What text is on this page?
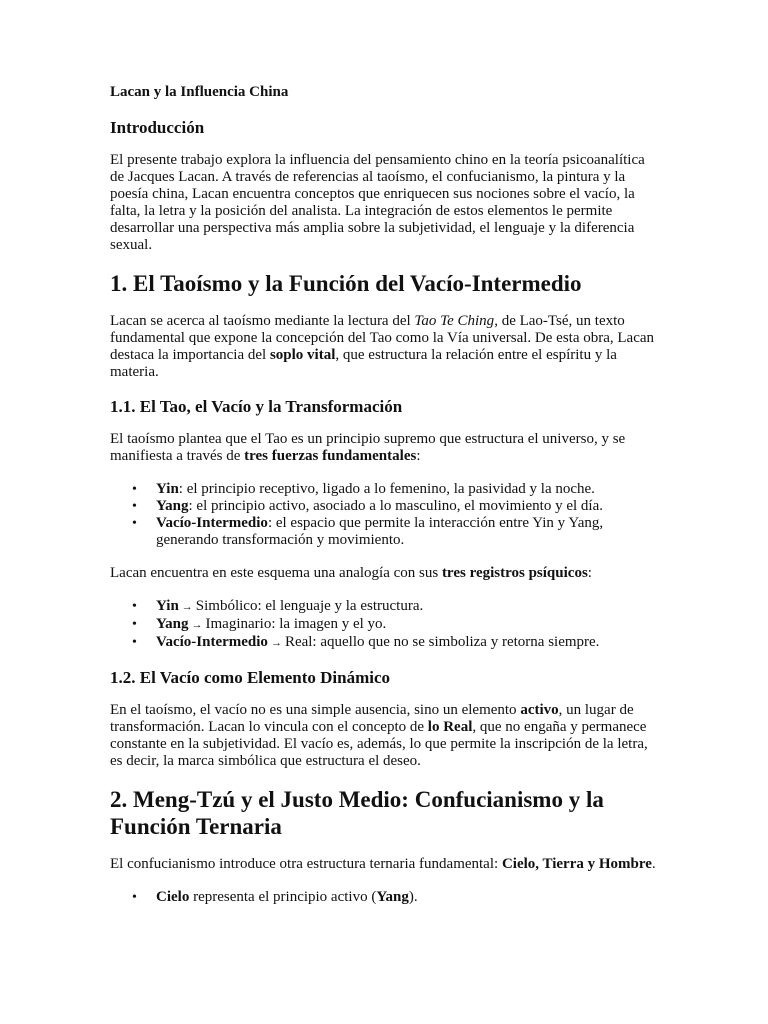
Lacan y la Influencia China
Introducción

El presente trabajo explora la influencia del pensamiento chino en la teoría psicoanalítica de Jacques Lacan. A través de referencias al taoísmo, el confucianismo, la pintura y la poesía china, Lacan encuentra conceptos que enriquecen sus nociones sobre el vacío, la falta, la letra y la posición del analista. La integración de estos elementos le permite desarrollar una perspectiva más amplia sobre la subjetividad, el lenguaje y la diferencia sexual.

1. El Taoísmo y la Función del Vacío-Intermedio

Lacan se acerca al taoísmo mediante la lectura del Tao Te Ching, de Lao-Tsé, un texto fundamental que expone la concepción del Tao como la Vía universal. De esta obra, Lacan destaca la importancia del soplo vital, que estructura la relación entre el espíritu y la materia.

1.1. El Tao, el Vacío y la Transformación

El taoísmo plantea que el Tao es un principio supremo que estructura el universo, y se manifiesta a través de tres fuerzas fundamentales:

• Yin: el principio receptivo, ligado a lo femenino, la pasividad y la noche.
• Yang: el principio activo, asociado a lo masculino, el movimiento y el día.
• Vacío-Intermedio: el espacio que permite la interacción entre Yin y Yang, generando transformación y movimiento.

Lacan encuentra en este esquema una analogía con sus tres registros psíquicos:

• Yin → Simbólico: el lenguaje y la estructura.
• Yang → Imaginario: la imagen y el yo.
• Vacío-Intermedio → Real: aquello que no se simboliza y retorna siempre.
1.2. El Vacío como Elemento Dinámico

En el taoísmo, el vacío no es una simple ausencia, sino un elemento activo, un lugar de transformación. Lacan lo vincula con el concepto de lo Real, que no engaña y permanece constante en la subjetividad. El vacío es, además, lo que permite la inscripción de la letra, es decir, la marca simbólica que estructura el deseo.

2. Meng-Tzú y el Justo Medio: Confucianismo y la Función Ternaria

El confucianismo introduce otra estructura ternaria fundamental: Cielo, Tierra y Hombre.

• Cielo representa el principio activo (Yang).
